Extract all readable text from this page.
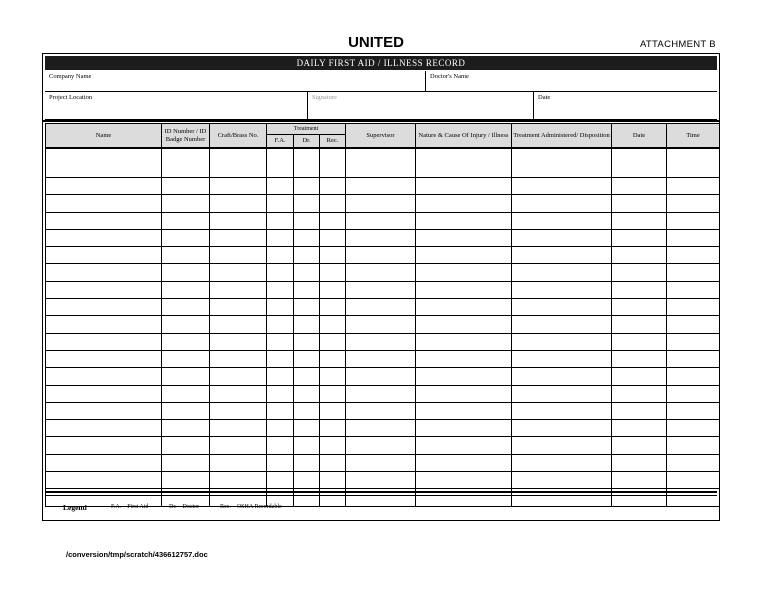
UNITED	ATTACHMENT B
DAILY FIRST AID / ILLNESS RECORD
Company Name	Doctor's Name
Project Location	Signature	Date
Name	ID Number / ID Badge Number	Craft/Brass No.	Treatment			Supervisor	Nature & Cause Of Injury / Illness	Treatment Administered/ Disposition	Date	Time
			F.A.	Dr.	Rec.					

Legend	F.A. – First Aid	Dr. – Doctor	Rec. – OSHA Recordable
/conversion/tmp/scratch/436612757.doc
